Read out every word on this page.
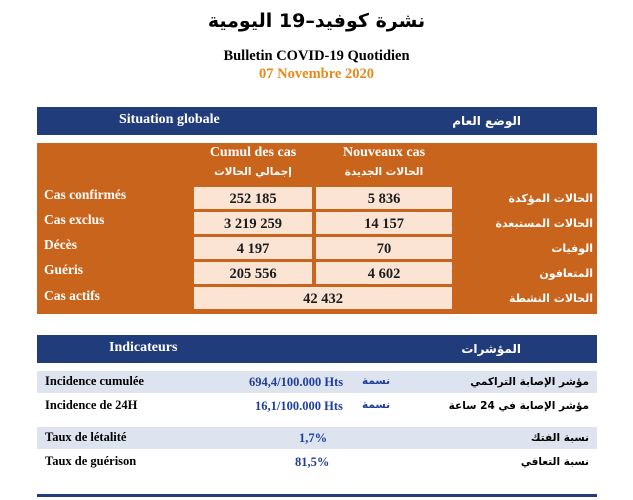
نشرة كوفيد–19 اليومية
Bulletin COVID-19 Quotidien
07 Novembre 2020
Situation globale	الوضع العام
Cumul des cas
إجمالي الحالات
Nouveaux cas
الحالات الجديدة
Cas confirmés	252 185	5 836	الحالات المؤكدة
Cas exclus	3 219 259	14 157	الحالات المستبعدة
Décès	4 197	70	الوفيات
Guéris	205 556	4 602	المتعافون
Cas actifs	42 432	الحالات النشطة
Indicateurs	المؤشرات
Incidence cumulée	694,4/100.000 Hts نسمة	مؤشر الإصابة التراكمي
Incidence de 24H	16,1/100.000 Hts نسمة	مؤشر الإصابة في 24 ساعة
Taux de létalité	1,7%	نسبة الفتك
Taux de guérison	81,5%	نسبة التعافي
